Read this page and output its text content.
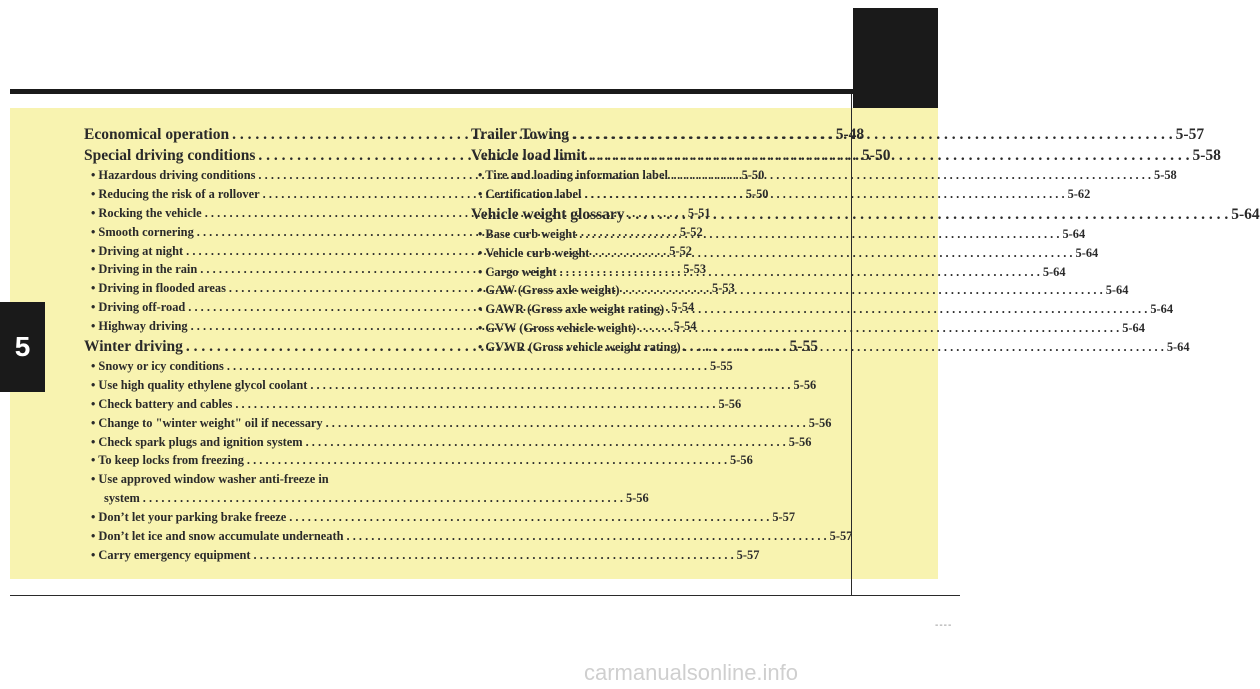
5
----
carmanualsonline.info
Economical operation . . .	5-48
Special driving conditions . . .	5-50
• Hazardous driving conditions . . .	5-50
• Reducing the risk of a rollover . . .	5-50
• Rocking the vehicle . . .	5-51
• Smooth cornering . . .	5-52
• Driving at night . . .	5-52
• Driving in the rain . . .	5-53
• Driving in flooded areas . . .	5-53
• Driving off-road . . .	5-54
• Highway driving . . .	5-54
Winter driving . . .	5-55
• Snowy or icy conditions . . .	5-55
• Use high quality ethylene glycol coolant . . .	5-56
• Check battery and cables . . .	5-56
• Change to "winter weight" oil if necessary . . .	5-56
• Check spark plugs and ignition system . . .	5-56
• To keep locks from freezing . . .	5-56
• Use approved window washer anti-freeze in
system . . .	5-56
• Don’t let your parking brake freeze . . .	5-57
• Don’t let ice and snow accumulate underneath . . .	5-57
• Carry emergency equipment . . .	5-57
Trailer Towing . . .	5-57
Vehicle load limit . . .	5-58
• Tire and loading information label . . .	5-58
• Certification label . . .	5-62
Vehicle weight glossary . . .	5-64
• Base curb weight . . .	5-64
• Vehicle curb weight . . .	5-64
• Cargo weight . . .	5-64
• GAW (Gross axle weight) . . .	5-64
• GAWR (Gross axle weight rating) . . .	5-64
• GVW (Gross vehicle weight) . . .	5-64
• GVWR (Gross vehicle weight rating) . . .	5-64
